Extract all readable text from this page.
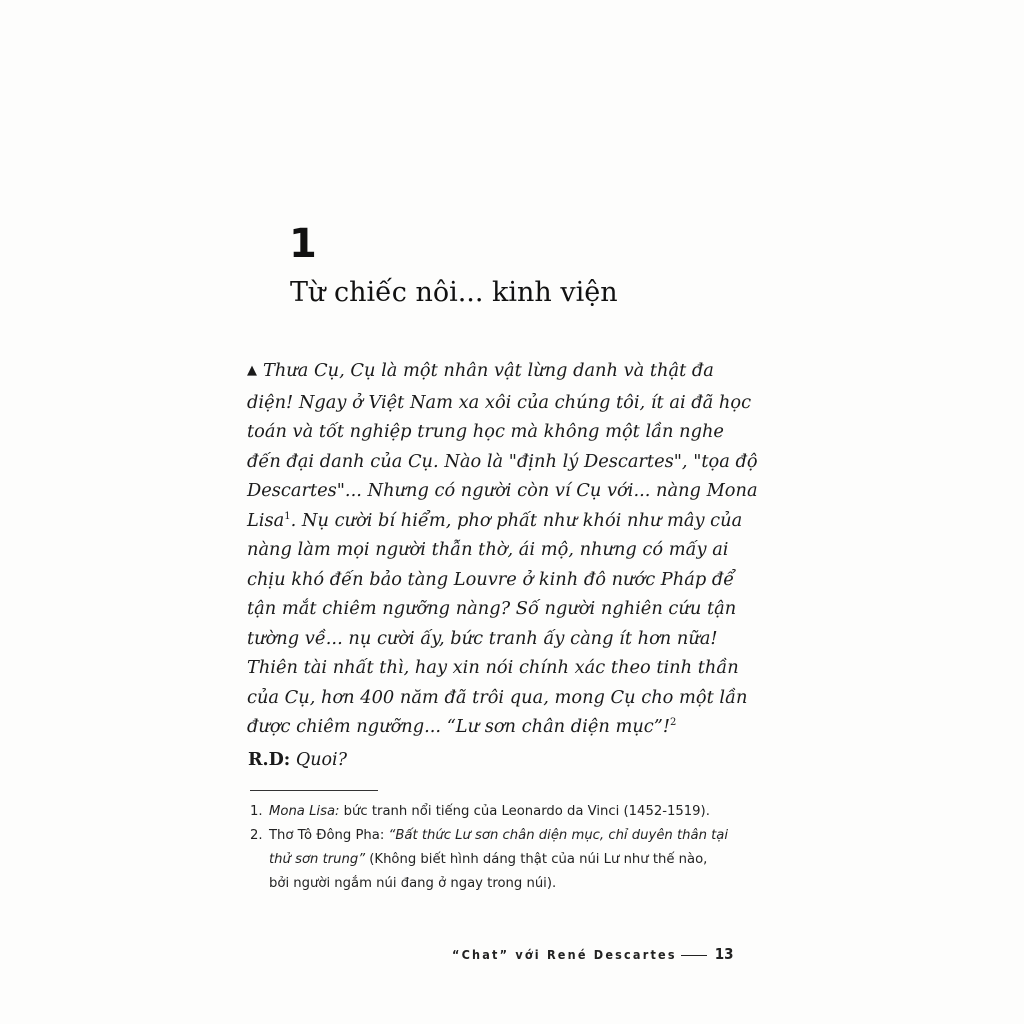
1
Từ chiếc nôi... kinh viện
▲ Thưa Cụ, Cụ là một nhân vật lừng danh và thật đa
diện! Ngay ở Việt Nam xa xôi của chúng tôi, ít ai đã học
toán và tốt nghiệp trung học mà không một lần nghe
đến đại danh của Cụ. Nào là "định lý Descartes", "tọa độ
Descartes"... Nhưng có người còn ví Cụ với... nàng Mona
Lisa$^1$. Nụ cười bí hiểm, phơ phất như khói như mây của
nàng làm mọi người thẫn thờ, ái mộ, nhưng có mấy ai
chịu khó đến bảo tàng Louvre ở kinh đô nước Pháp để
tận mắt chiêm ngưỡng nàng? Số người nghiên cứu tận
tường về... nụ cười ấy, bức tranh ấy càng ít hơn nữa!
Thiên tài nhất thì, hay xin nói chính xác theo tinh thần
của Cụ, hơn 400 năm đã trôi qua, mong Cụ cho một lần
được chiêm ngưỡng... “Lư sơn chân diện mục”!$^2$
R.D: Quoi?
1. Mona Lisa: bức tranh nổi tiếng của Leonardo da Vinci (1452-1519).
2. Thơ Tô Đông Pha: “Bất thức Lư sơn chân diện mục, chỉ duyên thân tại thử sơn trung” (Không biết hình dáng thật của núi Lư như thế nào, bởi người ngắm núi đang ở ngay trong núi).
“Chat” với René Descartes	13
